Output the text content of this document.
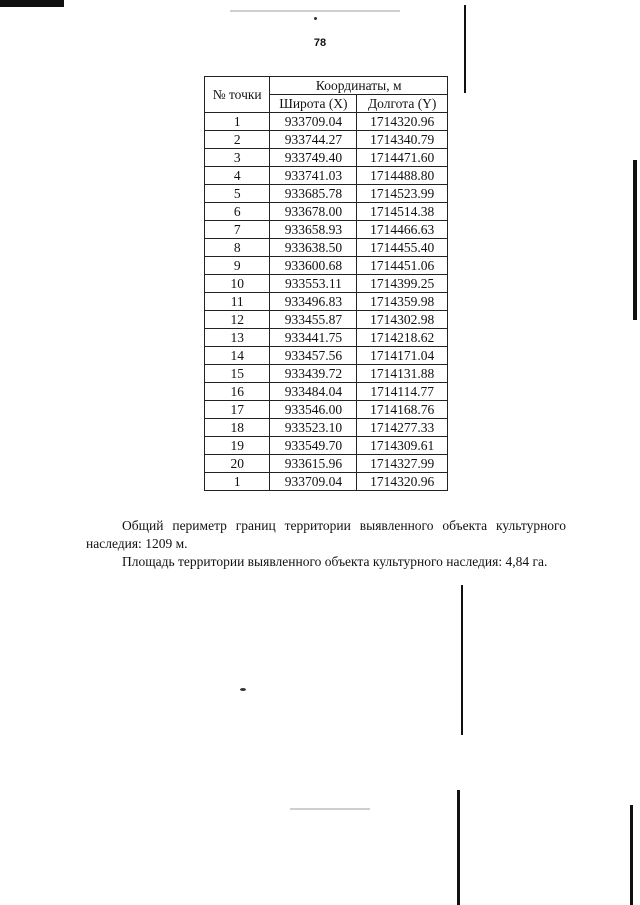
78
№ точки	Координаты, м	
	Широта (X)	Долгота (Y)
1	933709.04	1714320.96
2	933744.27	1714340.79
3	933749.40	1714471.60
4	933741.03	1714488.80
5	933685.78	1714523.99
6	933678.00	1714514.38
7	933658.93	1714466.63
8	933638.50	1714455.40
9	933600.68	1714451.06
10	933553.11	1714399.25
11	933496.83	1714359.98
12	933455.87	1714302.98
13	933441.75	1714218.62
14	933457.56	1714171.04
15	933439.72	1714131.88
16	933484.04	1714114.77
17	933546.00	1714168.76
18	933523.10	1714277.33
19	933549.70	1714309.61
20	933615.96	1714327.99
1	933709.04	1714320.96
Общий периметр границ территории выявленного объекта культурного наследия: 1209 м.
Площадь территории выявленного объекта культурного наследия: 4,84 га.
